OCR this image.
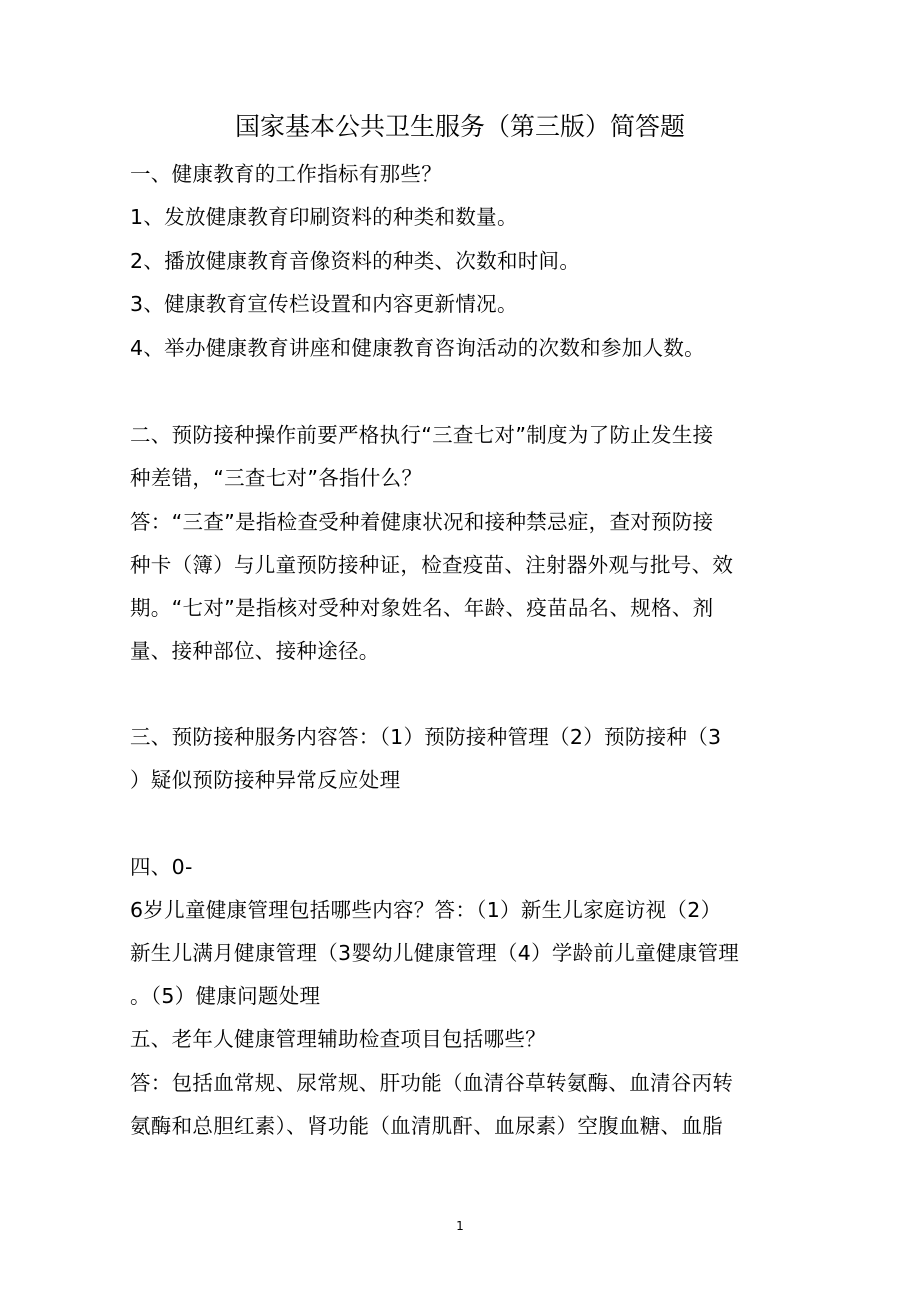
国家基本公共卫生服务（第三版）简答题
一、健康教育的工作指标有那些？
1、发放健康教育印刷资料的种类和数量。
2、播放健康教育音像资料的种类、次数和时间。
3、健康教育宣传栏设置和内容更新情况。
4、举办健康教育讲座和健康教育咨询活动的次数和参加人数。
二、预防接种操作前要严格执行“三查七对”制度为了防止发生接
种差错，“三查七对”各指什么？
答：“三查”是指检查受种着健康状况和接种禁忌症，查对预防接
种卡（簿）与儿童预防接种证，检查疫苗、注射器外观与批号、效
期。“七对”是指核对受种对象姓名、年龄、疫苗品名、规格、剂
量、接种部位、接种途径。
三、预防接种服务内容答：（1）预防接种管理（2）预防接种（3
）疑似预防接种异常反应处理
四、0-
6岁儿童健康管理包括哪些内容？答：（1）新生儿家庭访视（2）
新生儿满月健康管理（3婴幼儿健康管理（4）学龄前儿童健康管理
。（5）健康问题处理
五、老年人健康管理辅助检查项目包括哪些？
答：包括血常规、尿常规、肝功能（血清谷草转氨酶、血清谷丙转
氨酶和总胆红素）、肾功能（血清肌酐、血尿素）空腹血糖、血脂
1
